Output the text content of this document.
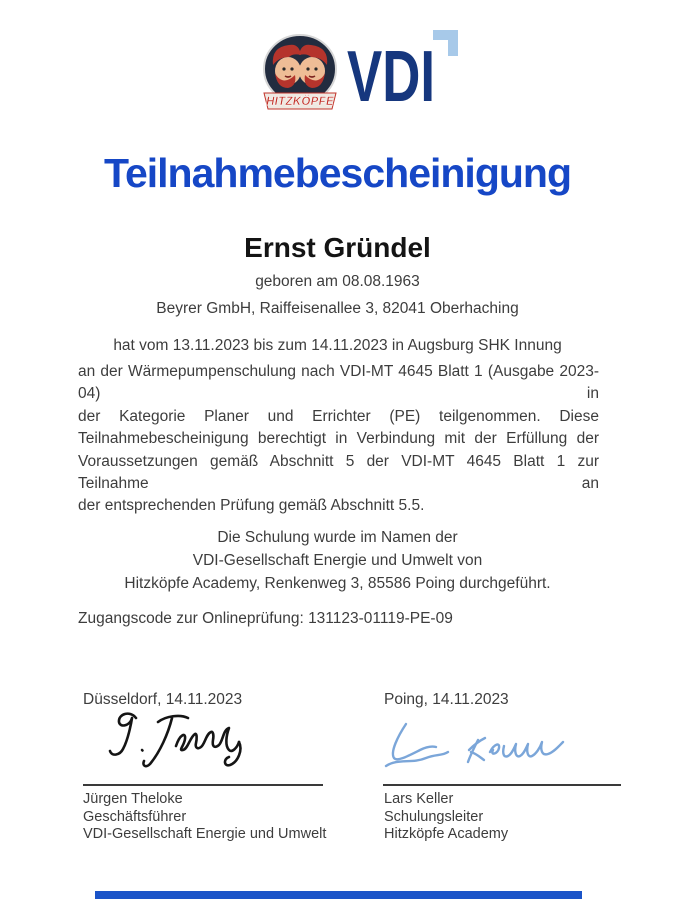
HITZKÖPFE VDI
Teilnahmebescheinigung
Ernst Gründel
geboren am 08.08.1963
Beyrer GmbH, Raiffeisenallee 3, 82041 Oberhaching
hat vom 13.11.2023 bis zum 14.11.2023 in Augsburg SHK Innung
an der Wärmepumpenschulung nach VDI-MT 4645 Blatt 1 (Ausgabe 2023-04) in
der Kategorie Planer und Errichter (PE) teilgenommen. Diese
Teilnahmebescheinigung berechtigt in Verbindung mit der Erfüllung der
Voraussetzungen gemäß Abschnitt 5 der VDI-MT 4645 Blatt 1 zur Teilnahme an
der entsprechenden Prüfung gemäß Abschnitt 5.5.
Die Schulung wurde im Namen der
VDI-Gesellschaft Energie und Umwelt von
Hitzköpfe Academy, Renkenweg 3, 85586 Poing durchgeführt.
Zugangscode zur Onlineprüfung: 131123-01119-PE-09
Düsseldorf, 14.11.2023	Poing, 14.11.2023
Jürgen Theloke
Geschäftsführer
VDI-Gesellschaft Energie und Umwelt
Lars Keller
Schulungsleiter
Hitzköpfe Academy
